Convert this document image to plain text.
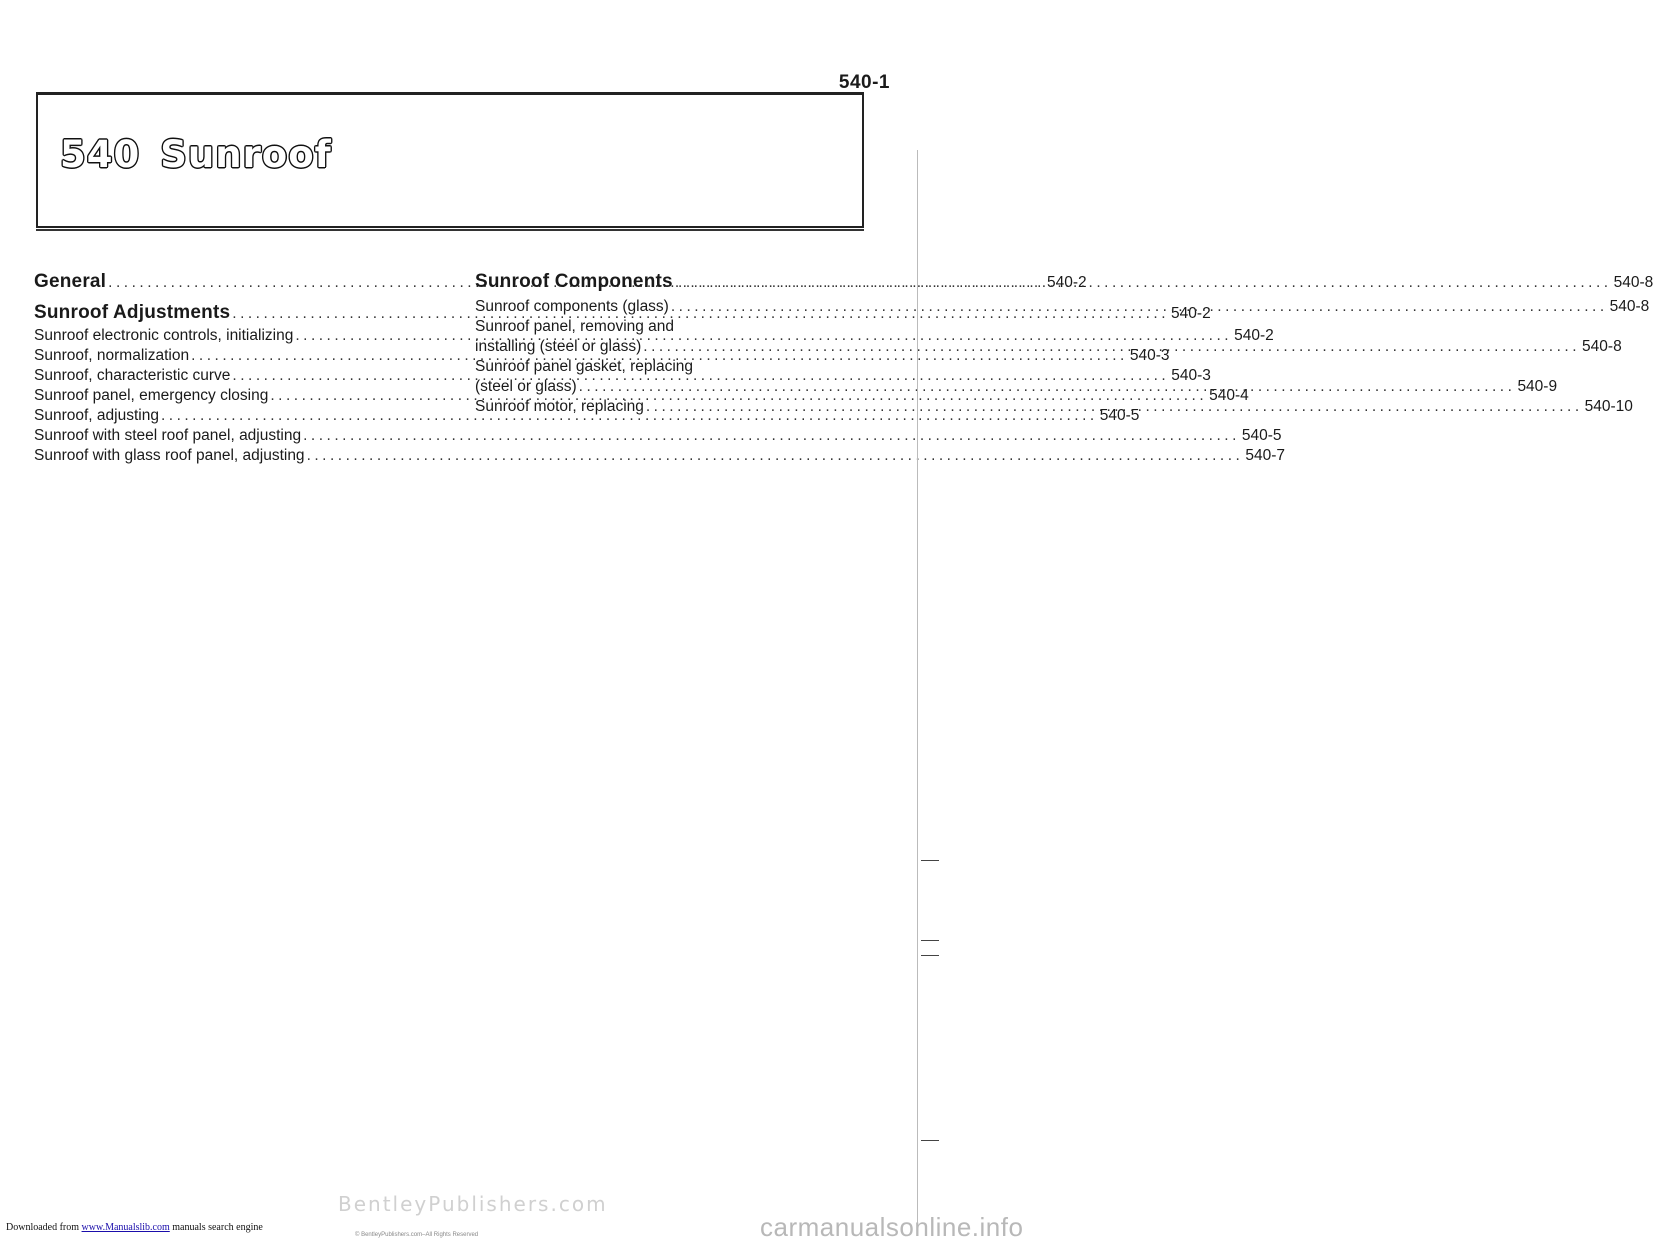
540-1
540 Sunroof
General .....	540-2
Sunroof Adjustments .....	540-2
Sunroof electronic controls, initializing .....	540-2
Sunroof, normalization .....	540-3
Sunroof, characteristic curve .....	540-3
Sunroof panel, emergency closing .....	540-4
Sunroof, adjusting .....	540-5
Sunroof with steel roof panel, adjusting .....	540-5
Sunroof with glass roof panel, adjusting .....	540-7
Sunroof Components .....	540-8
Sunroof components (glass) .....	540-8
Sunroof panel, removing and
installing (steel or glass) .....	540-8
Sunroof panel gasket, replacing
(steel or glass) .....	540-9
Sunroof motor, replacing .....	540-10
BentleyPublishers.com
© BentleyPublishers.com–All Rights Reserved
Downloaded from www.Manualslib.com manuals search engine	carmanualsonline.info
